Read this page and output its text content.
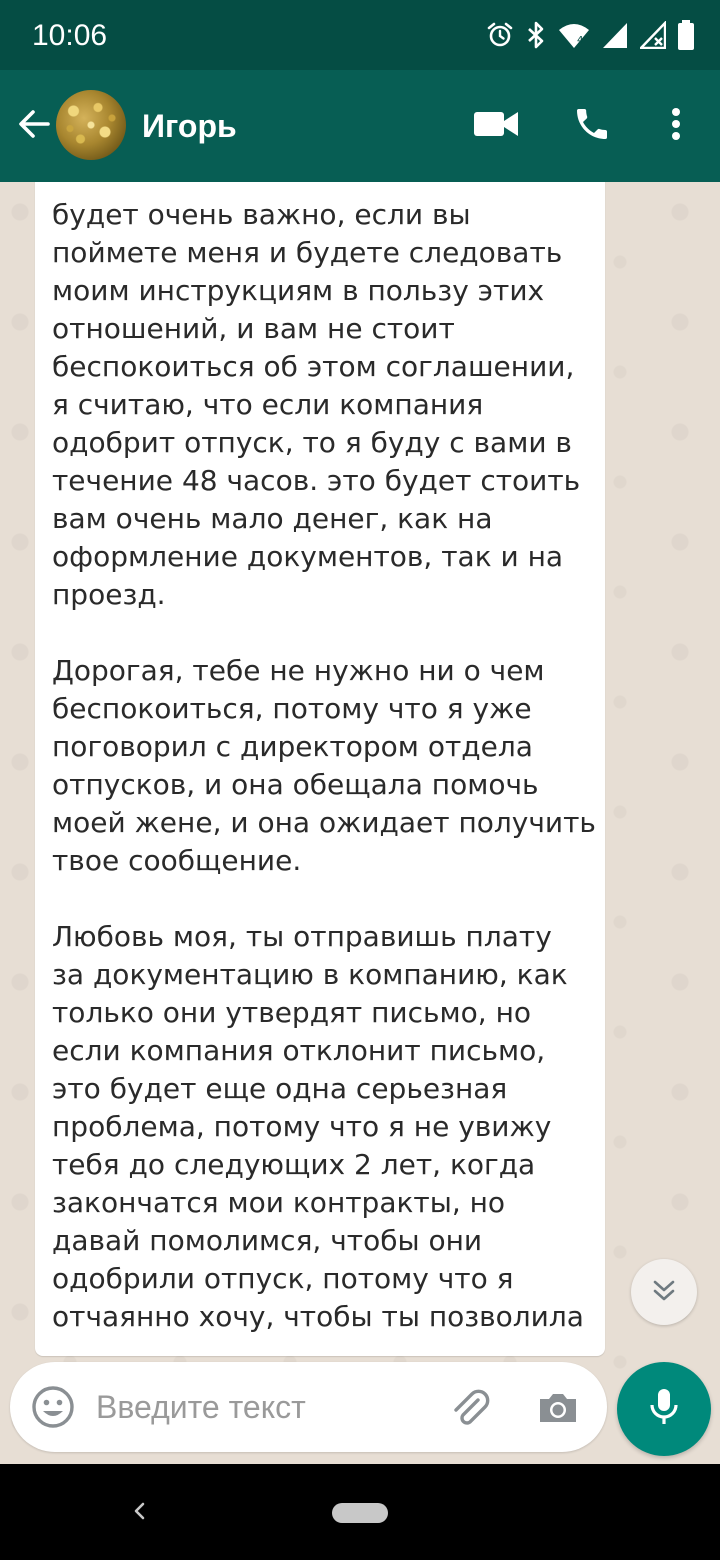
10:06	4
Игорь
будет очень важно, если вы
поймете меня и будете следовать
моим инструкциям в пользу этих
отношений, и вам не стоит
беспокоиться об этом соглашении,
я считаю, что если компания
одобрит отпуск, то я буду с вами в
течение 48 часов. это будет стоить
вам очень мало денег, как на
оформление документов, так и на
проезд.

Дорогая, тебе не нужно ни о чем
беспокоиться, потому что я уже
поговорил с директором отдела
отпусков, и она обещала помочь
моей жене, и она ожидает получить
твое сообщение.

Любовь моя, ты отправишь плату
за документацию в компанию, как
только они утвердят письмо, но
если компания отклонит письмо,
это будет еще одна серьезная
проблема, потому что я не увижу
тебя до следующих 2 лет, когда
закончатся мои контракты, но
давай помолимся, чтобы они
одобрили отпуск, потому что я
отчаянно хочу, чтобы ты позволила
Введите текст
